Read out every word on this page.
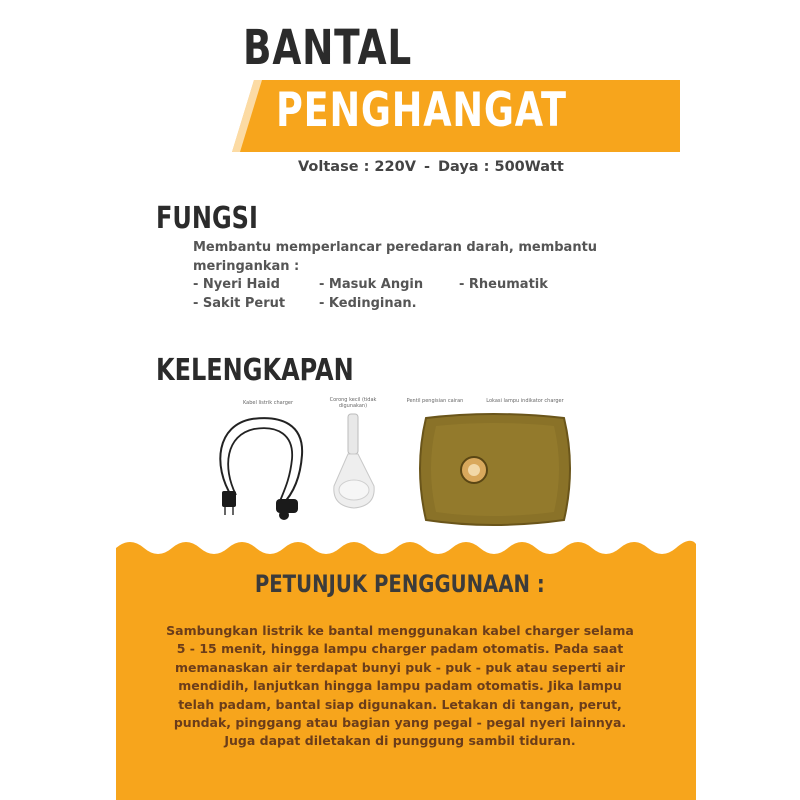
BANTAL
PENGHANGAT
Voltase : 220V - Daya : 500Watt
FUNGSI
Membantu memperlancar peredaran darah, membantu
meringankan :
- Nyeri Haid	- Masuk Angin	- Rheumatik
- Sakit Perut	- Kedinginan.
KELENGKAPAN
Kabel listrik charger	Corong kecil (tidak digunakan)
Pentil pengisian cairan	Lokasi lampu indikator charger
PETUNJUK PENGGUNAAN :
Sambungkan listrik ke bantal menggunakan kabel charger selama
5 - 15 menit, hingga lampu charger padam otomatis. Pada saat
memanaskan air terdapat bunyi puk - puk - puk atau seperti air
mendidih, lanjutkan hingga lampu padam otomatis. Jika lampu
telah padam, bantal siap digunakan. Letakan di tangan, perut,
pundak, pinggang atau bagian yang pegal - pegal nyeri lainnya.
Juga dapat diletakan di punggung sambil tiduran.
